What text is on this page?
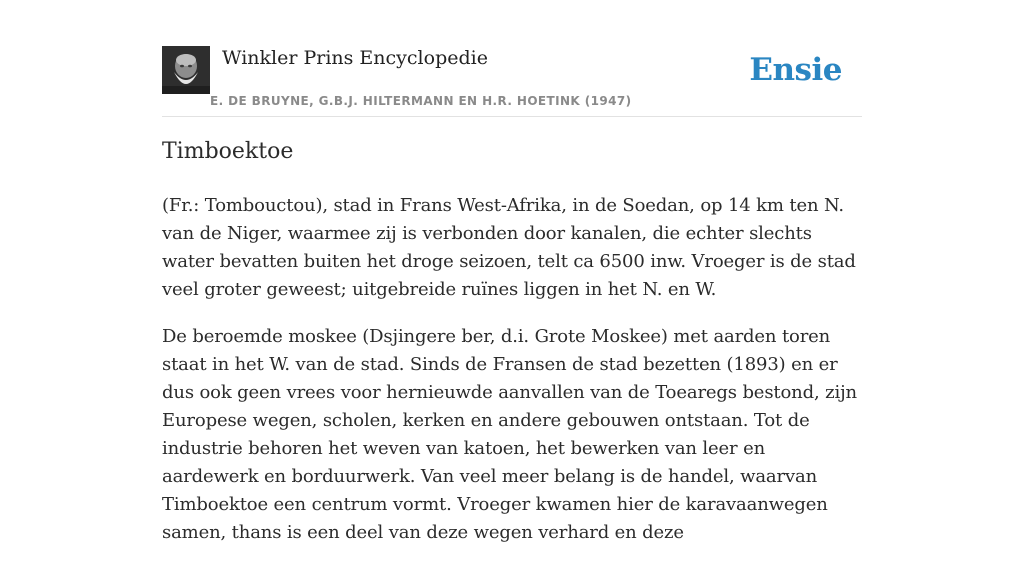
Winkler Prins Encyclopedie
E. DE BRUYNE, G.B.J. HILTERMANN EN H.R. HOETINK (1947)
Ensie
Timboektoe

(Fr.: Tombouctou), stad in Frans West-Afrika, in de Soedan, op 14 km ten N. van de Niger, waarmee zij is verbonden door kanalen, die echter slechts water bevatten buiten het droge seizoen, telt ca 6500 inw. Vroeger is de stad veel groter geweest; uitgebreide ruïnes liggen in het N. en W.

De beroemde moskee (Dsjingere ber, d.i. Grote Moskee) met aarden toren staat in het W. van de stad. Sinds de Fransen de stad bezetten (1893) en er dus ook geen vrees voor hernieuwde aanvallen van de Toearegs bestond, zijn Europese wegen, scholen, kerken en andere gebouwen ontstaan. Tot de industrie behoren het weven van katoen, het bewerken van leer en aardewerk en borduurwerk. Van veel meer belang is de handel, waarvan Timboektoe een centrum vormt. Vroeger kwamen hier de karavaanwegen samen, thans is een deel van deze wegen verhard en deze
